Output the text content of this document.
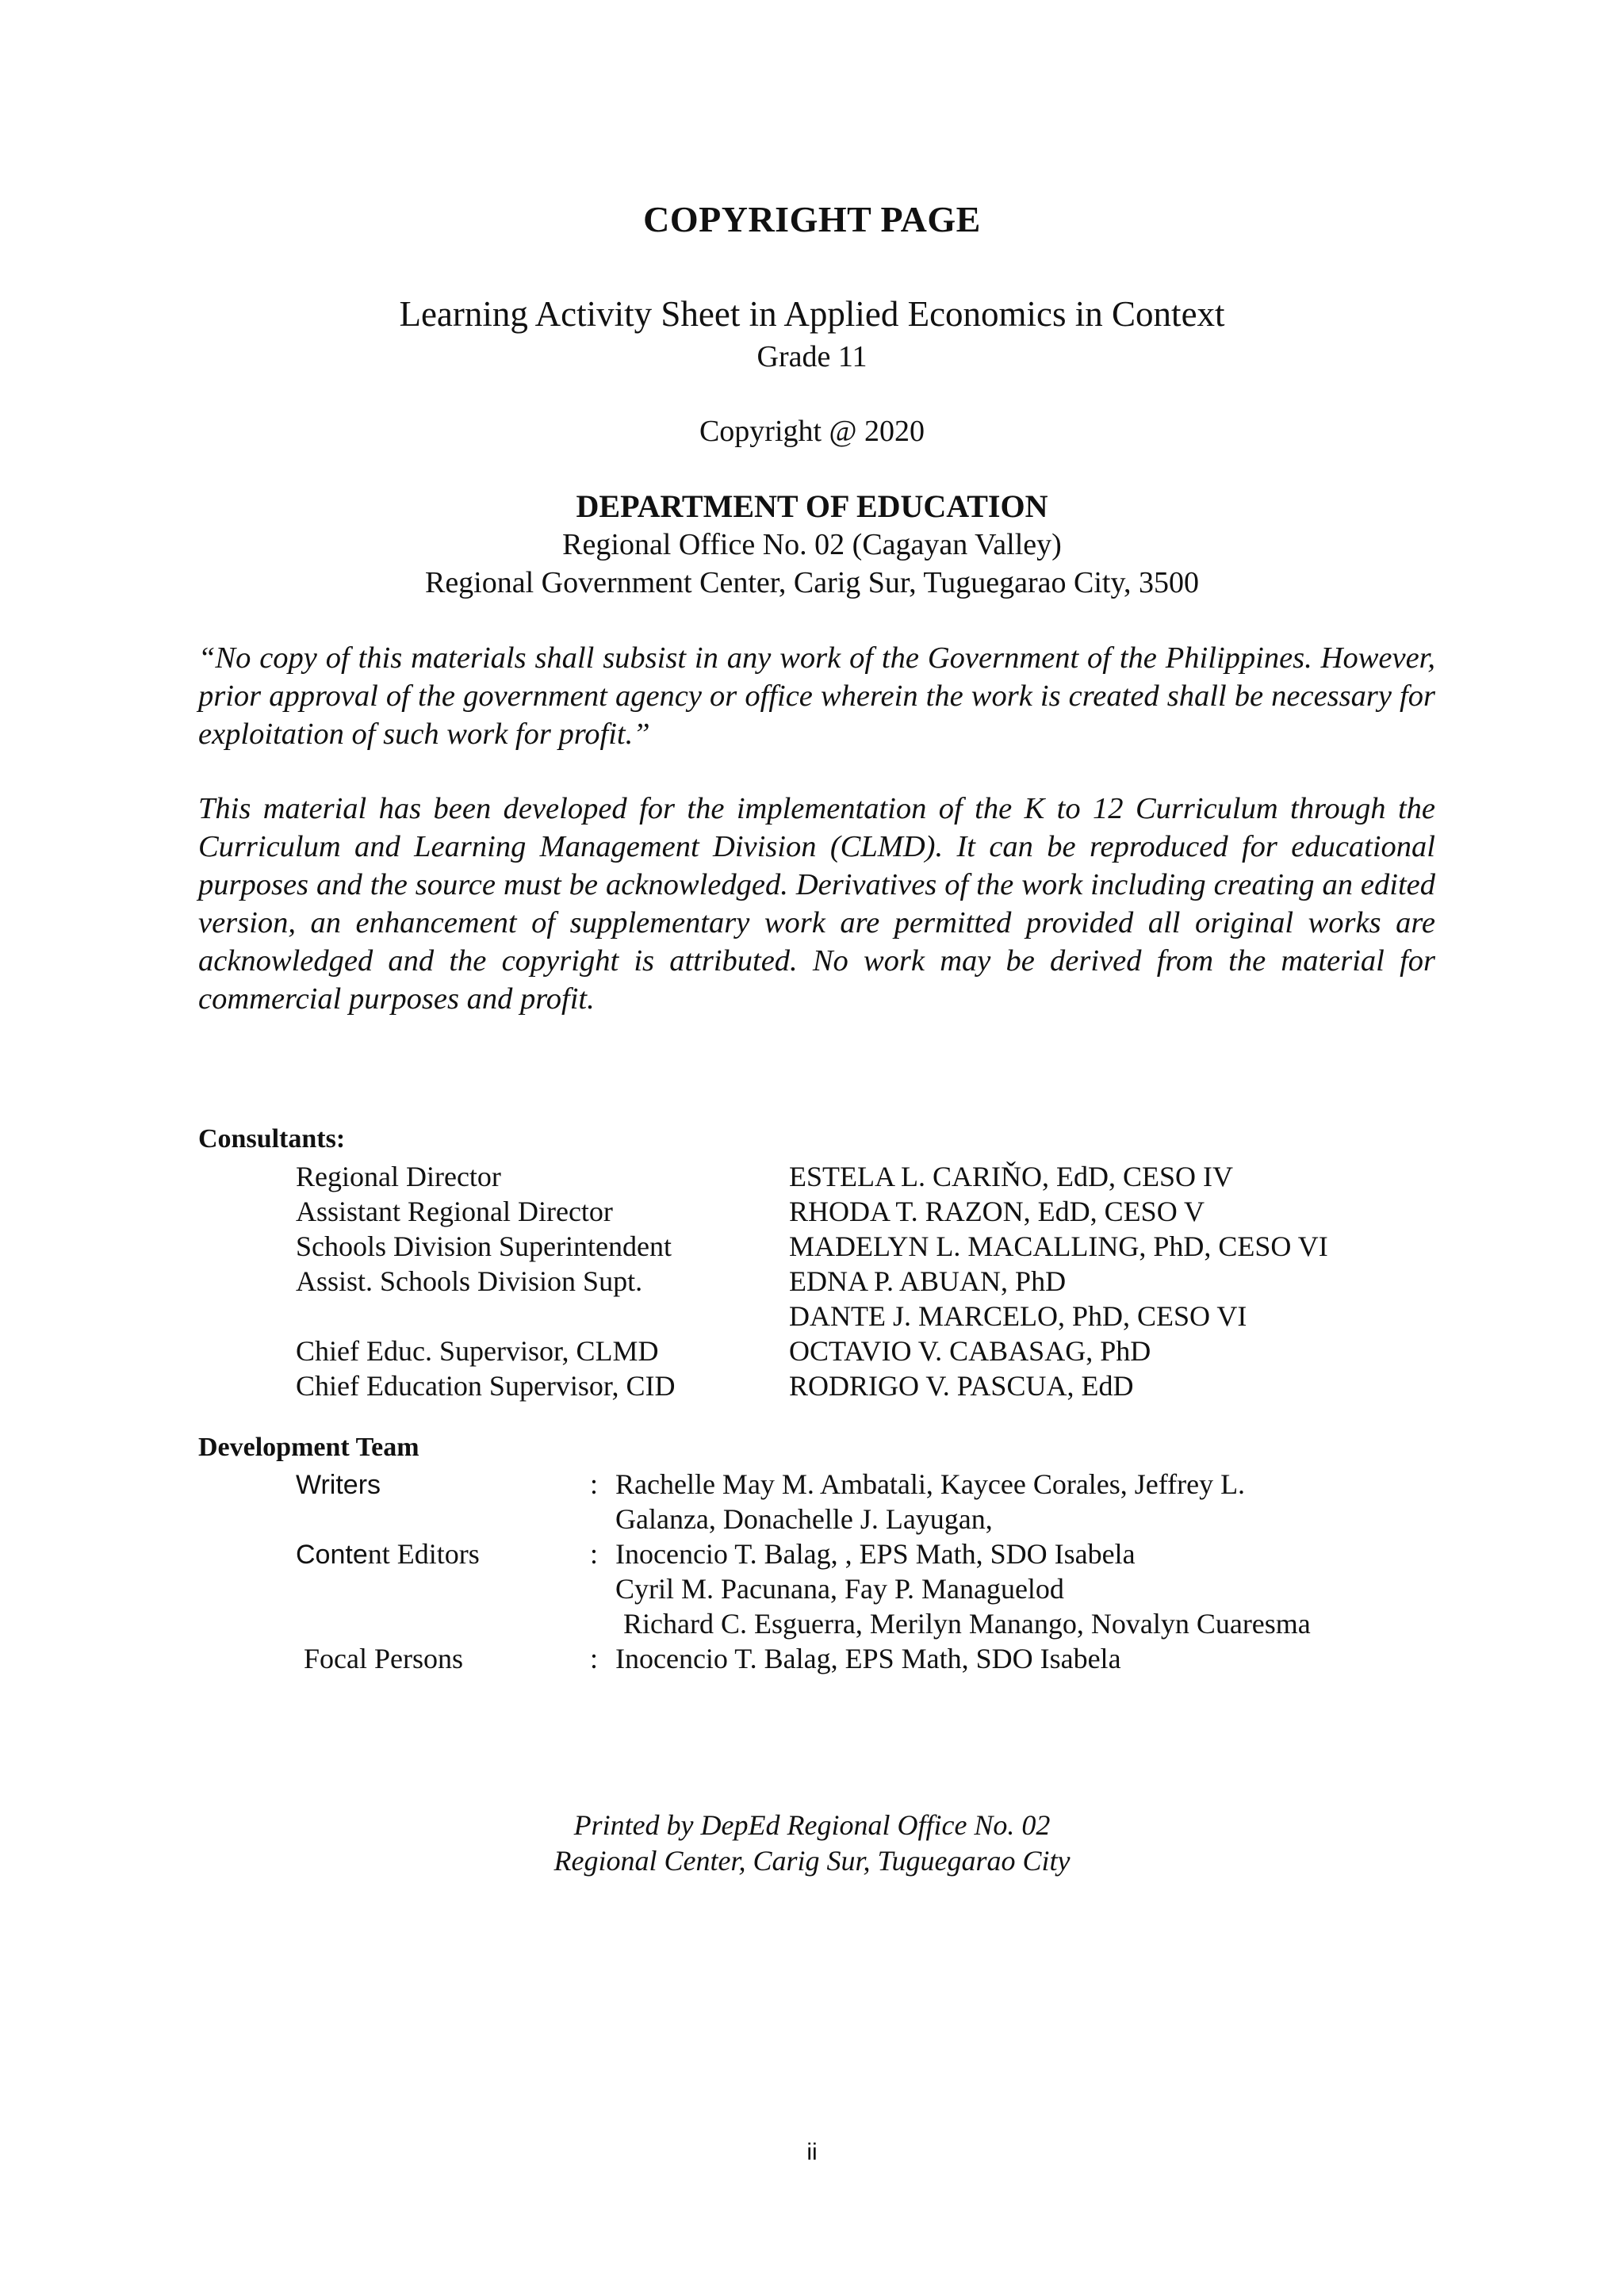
COPYRIGHT PAGE
Learning Activity Sheet in Applied Economics in Context
Grade 11
Copyright @ 2020
DEPARTMENT OF EDUCATION
Regional Office No. 02 (Cagayan Valley)
Regional Government Center, Carig Sur, Tuguegarao City, 3500
“No copy of this materials shall subsist in any work of the Government of the Philippines. However, prior approval of the government agency or office wherein the work is created shall be necessary for exploitation of such work for profit.”
This material has been developed for the implementation of the K to 12 Curriculum through the Curriculum and Learning Management Division (CLMD). It can be reproduced for educational purposes and the source must be acknowledged. Derivatives of the work including creating an edited version, an enhancement of supplementary work are permitted provided all original works are acknowledged and the copyright is attributed. No work may be derived from the material for commercial purposes and profit.
Consultants:
Regional Director	ESTELA L. CARIŇO, EdD, CESO IV
Assistant Regional Director	RHODA T. RAZON, EdD, CESO V
Schools Division Superintendent	MADELYN L. MACALLING, PhD, CESO VI
Assist. Schools Division Supt.	EDNA P. ABUAN, PhD
DANTE J. MARCELO, PhD, CESO VI
Chief Educ. Supervisor, CLMD	OCTAVIO V. CABASAG, PhD
Chief Education Supervisor, CID	RODRIGO V. PASCUA, EdD
Development Team
Writers	: Rachelle May M. Ambatali, Kaycee Corales, Jeffrey L.
Galanza, Donachelle J. Layugan,
Content Editors	: Inocencio T. Balag, , EPS Math, SDO Isabela
Cyril M. Pacunana, Fay P. Managuelod
Richard C. Esguerra, Merilyn Manango, Novalyn Cuaresma
Focal Persons	: Inocencio T. Balag, EPS Math, SDO Isabela
Printed by DepEd Regional Office No. 02
Regional Center, Carig Sur, Tuguegarao City
ii
